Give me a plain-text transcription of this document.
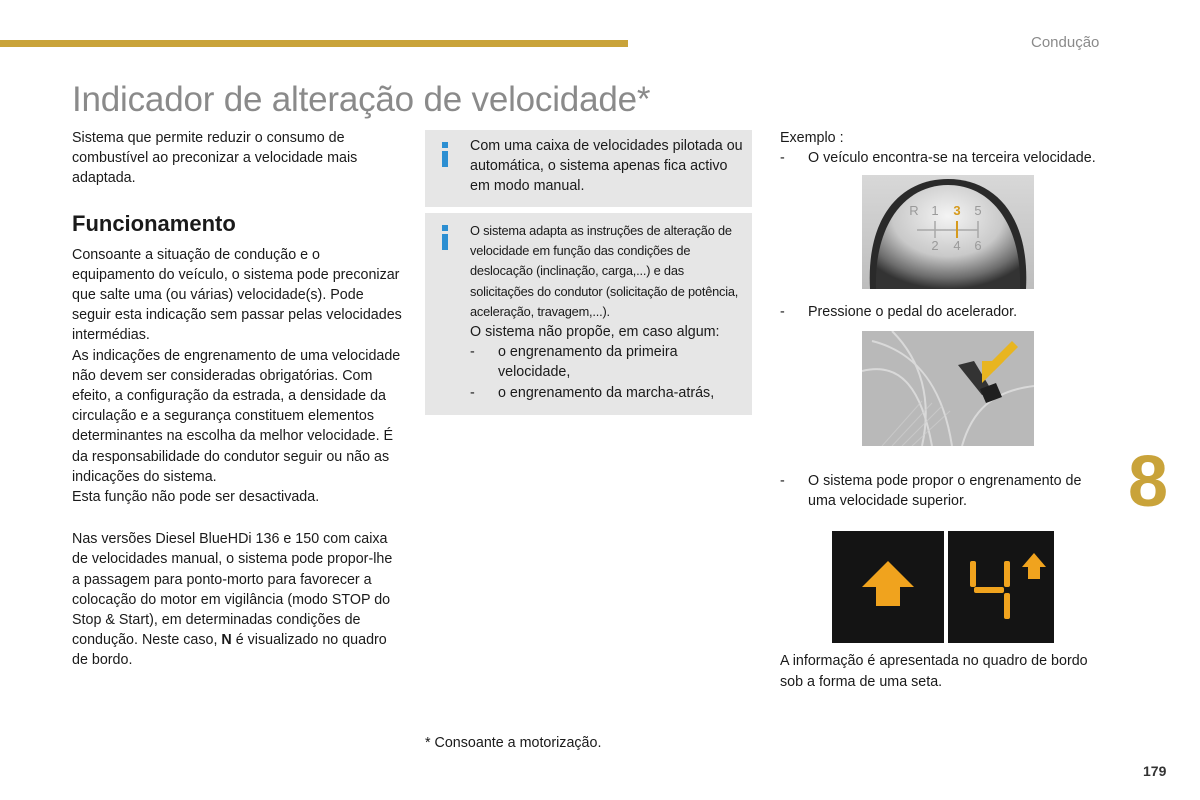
Condução
Indicador de alteração de velocidade*

Sistema que permite reduzir o consumo de combustível ao preconizar a velocidade mais adaptada.

Funcionamento

Consoante a situação de condução e o equipamento do veículo, o sistema pode preconizar que salte uma (ou várias) velocidade(s). Pode seguir esta indicação sem passar pelas velocidades intermédias.

As indicações de engrenamento de uma velocidade não devem ser consideradas obrigatórias. Com efeito, a configuração da estrada, a densidade da circulação e a segurança constituem elementos determinantes na escolha da melhor velocidade. É da responsabilidade do condutor seguir ou não as indicações do sistema.

Esta função não pode ser desactivada.

Nas versões Diesel BlueHDi 136 e 150 com caixa de velocidades manual, o sistema pode propor-lhe a passagem para ponto-morto para favorecer a colocação do motor em vigilância (modo STOP do Stop & Start), em determinadas condições de condução. Neste caso, N é visualizado no quadro de bordo.

Com uma caixa de velocidades pilotada ou automática, o sistema apenas fica activo em modo manual.
O sistema adapta as instruções de alteração de velocidade em função das condições de deslocação (inclinação, carga,...) e das solicitações do condutor (solicitação de potência, aceleração, travagem,...).
O sistema não propõe, em caso algum:
-	o engrenamento da primeira velocidade,
-	o engrenamento da marcha-atrás,
* Consoante a motorização.
Exemplo :
-	O veículo encontra-se na terceira velocidade.
R 1 3 5
2 4 6
-	Pressione o pedal do acelerador.
-	O sistema pode propor o engrenamento de uma velocidade superior.
A informação é apresentada no quadro de bordo sob a forma de uma seta.
8
179
